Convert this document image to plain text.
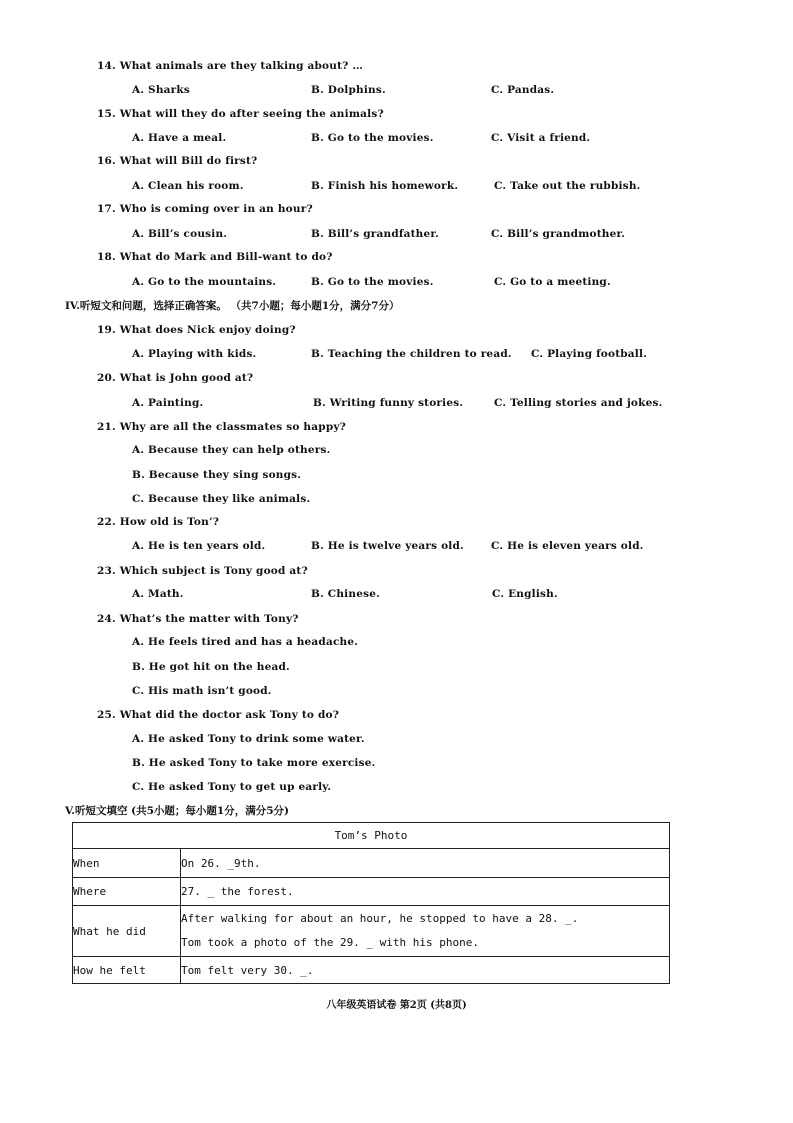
14. What animals are they talking about? …
A. Sharks	B. Dolphins.	C. Pandas.
15. What will they do after seeing the animals?
A. Have a meal.	B. Go to the movies.	C. Visit a friend.
16. What will Bill do first?
A. Clean his room.	B. Finish his homework.	C. Take out the rubbish.
17. Who is coming over in an hour?
A. Bill’s cousin.	B. Bill’s grandfather.	C. Bill’s grandmother.
18. What do Mark and Bill-want to do?
A. Go to the mountains.	B. Go to the movies.	C. Go to a meeting.
IV.听短文和问题，选择正确答案。 （共7小题；每小题1分，满分7分）
19. What does Nick enjoy doing?
A. Playing with kids.	B. Teaching the children to read. C. Playing football.
20. What is John good at?
A. Painting.	B. Writing funny stories.	C. Telling stories and jokes.
21. Why are all the classmates so happy?
A. Because they can help others.
B. Because they sing songs.
C. Because they like animals.
22. How old is Ton’?
A. He is ten years old.	B. He is twelve years old.	C. He is eleven years old.
23. Which subject is Tony good at?
A. Math.	B. Chinese.	C. English.
24. What’s the matter with Tony?
A. He feels tired and has a headache.
B. He got hit on the head.
C. His math isn’t good.
25. What did the doctor ask Tony to do?
A. He asked Tony to drink some water.
B. He asked Tony to take more exercise.
C. He asked Tony to get up early.
V.听短文填空 (共5小题；每小题1分，满分5分)
Tom’s Photo	
When	On 26. _9th.
Where	27. _ the forest.
What he did	After walking for about an hour, he stopped to have a 28. _.
Tom took a photo of the 29. _ with his phone.

How he felt	Tom felt very 30. _.
八年级英语试卷 第2页 (共8页)
